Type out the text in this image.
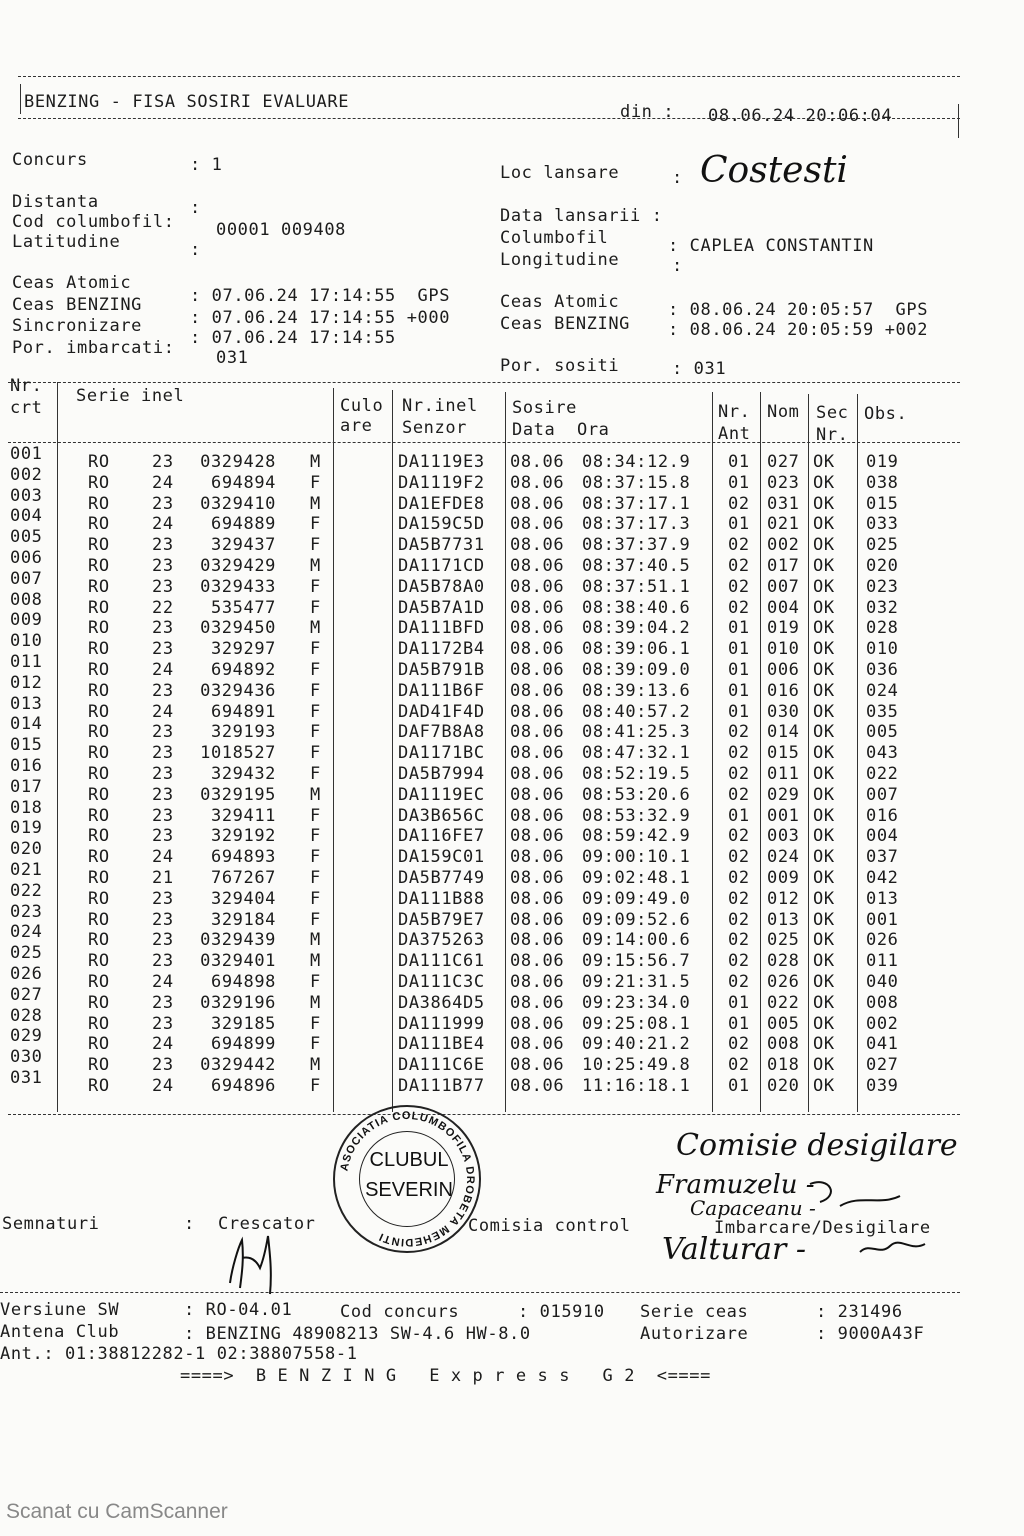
BENZING - FISA SOSIRI EVALUARE	din : 08.06.24 20:06:04
Concurs	: 1
Distanta	:
Cod columbofil: 00001 009408
Latitudine	:
Loc lansare	: Costesti
Data lansarii :
Columbofil	: CAPLEA CONSTANTIN
Longitudine	:
Ceas Atomic
: 07.06.24 17:14:55  GPS
Ceas BENZING
: 07.06.24 17:14:55 +000
Sincronizare
: 07.06.24 17:14:55
Por. imbarcati: 031
Ceas Atomic	: 08.06.24 20:05:57  GPS
Ceas BENZING : 08.06.24 20:05:59 +002
Por. sositi	: 031
Nr.
crt
Serie inel	Culo
are
Nr.inel
Senzor
Sosire
Data  Ora
Nr.
Ant
Nom Sec
Nr.
Obs.
001	RO 23 0329428 M	DA1119E3 08.06 08:34:12.9 01 027 OK 019
002	RO 24 694894 F	DA1119F2 08.06 08:37:15.8 01 023 OK 038
003	RO 23 0329410 M	DA1EFDE8 08.06 08:37:17.1 02 031 OK 015
004	RO 24 694889 F	DA159C5D 08.06 08:37:17.3 01 021 OK 033
005	RO 23 329437 F	DA5B7731 08.06 08:37:37.9 02 002 OK 025
006	RO 23 0329429 M	DA1171CD 08.06 08:37:40.5 02 017 OK 020
007	RO 23 0329433 F	DA5B78A0 08.06 08:37:51.1 02 007 OK 023
008	RO 22 535477 F	DA5B7A1D 08.06 08:38:40.6 02 004 OK 032
009	RO 23 0329450 M	DA111BFD 08.06 08:39:04.2 01 019 OK 028
010	RO 23 329297 F	DA1172B4 08.06 08:39:06.1 01 010 OK 010
011	RO 24 694892 F	DA5B791B 08.06 08:39:09.0 01 006 OK 036
012	RO 23 0329436 F	DA111B6F 08.06 08:39:13.6 01 016 OK 024
013	RO 24 694891 F	DAD41F4D 08.06 08:40:57.2 01 030 OK 035
014	RO 23 329193 F	DAF7B8A8 08.06 08:41:25.3 02 014 OK 005
015	RO 23 1018527 F	DA1171BC 08.06 08:47:32.1 02 015 OK 043
016	RO 23 329432 F	DA5B7994 08.06 08:52:19.5 02 011 OK 022
017	RO 23 0329195 M	DA1119EC 08.06 08:53:20.6 02 029 OK 007
018	RO 23 329411 F	DA3B656C 08.06 08:53:32.9 01 001 OK 016
019	RO 23 329192 F	DA116FE7 08.06 08:59:42.9 02 003 OK 004
020	RO 24 694893 F	DA159C01 08.06 09:00:10.1 02 024 OK 037
021	RO 21 767267 F	DA5B7749 08.06 09:02:48.1 02 009 OK 042
022	RO 23 329404 F	DA111B88 08.06 09:09:49.0 02 012 OK 013
023	RO 23 329184 F	DA5B79E7 08.06 09:09:52.6 02 013 OK 001
024	RO 23 0329439 M	DA375263 08.06 09:14:00.6 02 025 OK 026
025	RO 23 0329401 M	DA111C61 08.06 09:15:56.7 02 028 OK 011
026	RO 24 694898 F	DA111C3C 08.06 09:21:31.5 02 026 OK 040
027	RO 23 0329196 M	DA3864D5 08.06 09:23:34.0 01 022 OK 008
028	RO 23 329185 F	DA111999 08.06 09:25:08.1 01 005 OK 002
029	RO 24 694899 F	DA111BE4 08.06 09:40:21.2 02 008 OK 041
030	RO 23 0329442 M	DA111C6E 08.06 10:25:49.8 02 018 OK 027
031	RO 24 694896 F	DA111B77 08.06 11:16:18.1 01 020 OK 039
ASOCIATIA COLUMBOFILA DROBETA MEHEDINTI
CLUBUL
SEVERIN
Comisie desigilare
Framuzelu -
Capaceanu -
Valturar -
Semnaturi	: Crescator	Comisia control	Imbarcare/Desigilare
Versiune SW	: RO-04.01	Cod concurs	: 015910 Serie ceas	: 231496
Antena Club	: BENZING 48908213 SW-4.6 HW-8.0	Autorizare	: 9000A43F
Ant.: 01:38812282-1 02:38807558-1
====>  B E N Z I N G   E x p r e s s   G 2  <====
Scanat cu CamScanner
